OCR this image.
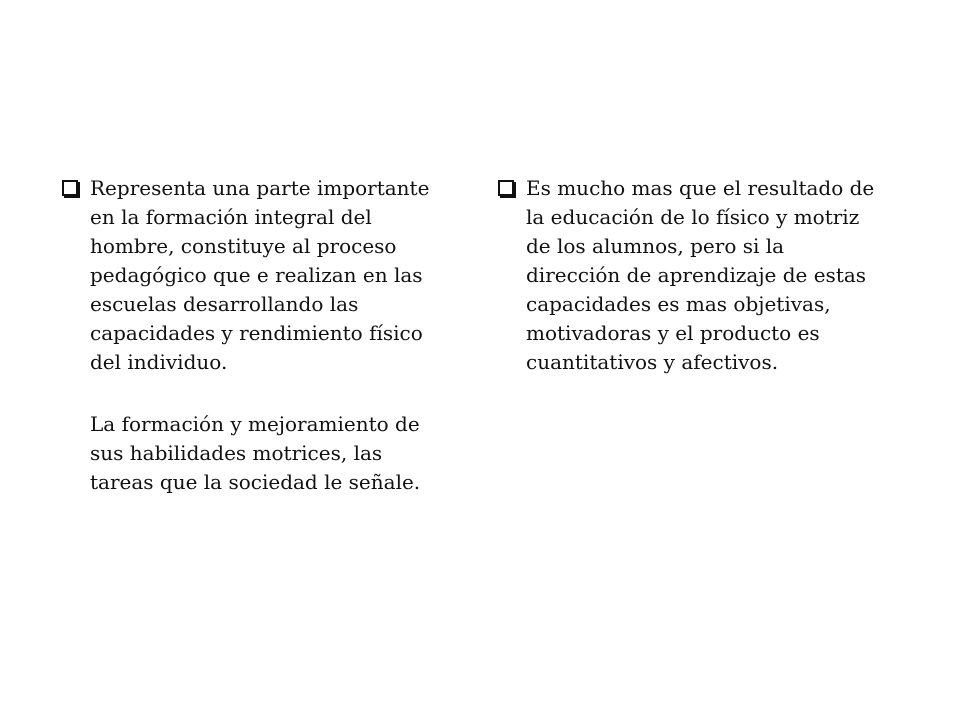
Representa una parte importante
en la formación integral del
hombre, constituye al proceso
pedagógico que e realizan en las
escuelas desarrollando las
capacidades y rendimiento físico
del individuo.
La formación y mejoramiento de
sus habilidades motrices, las
tareas que la sociedad le señale.
Es mucho mas que el resultado de
la educación de lo físico y motriz
de los alumnos, pero si la
dirección de aprendizaje de estas
capacidades es mas objetivas,
motivadoras y el producto es
cuantitativos y afectivos.
